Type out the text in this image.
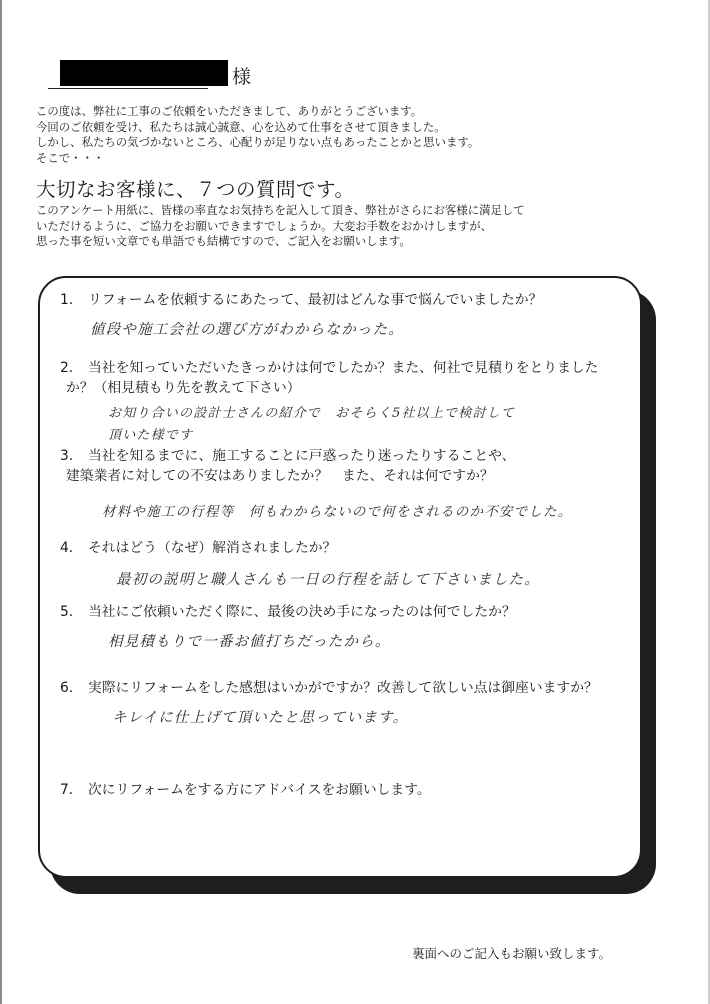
様
この度は、弊社に工事のご依頼をいただきまして、ありがとうございます。
今回のご依頼を受け、私たちは誠心誠意、心を込めて仕事をさせて頂きました。
しかし、私たちの気づかないところ、心配りが足りない点もあったことかと思います。
そこで・・・
大切なお客様に、７つの質問です。
このアンケート用紙に、皆様の率直なお気持ちを記入して頂き、弊社がさらにお客様に満足して
いただけるように、ご協力をお願いできますでしょうか。大変お手数をおかけしますが、
思った事を短い文章でも単語でも結構ですので、ご記入をお願いします。
1. リフォームを依頼するにあたって、最初はどんな事で悩んでいましたか？
値段や施工会社の選び方がわからなかった。
2. 当社を知っていただいたきっかけは何でしたか？また、何社で見積りをとりました
か？（相見積もり先を教えて下さい）
お知り合いの設計士さんの紹介で　おそらく5社以上で検討して
頂いた様です
3. 当社を知るまでに、施工することに戸惑ったり迷ったりすることや、
建築業者に対しての不安はありましたか？　また、それは何ですか？
材料や施工の行程等　何もわからないので何をされるのか不安でした。
4. それはどう（なぜ）解消されましたか？
最初の説明と職人さんも一日の行程を話して下さいました。
5. 当社にご依頼いただく際に、最後の決め手になったのは何でしたか？
相見積もりで一番お値打ちだったから。
6. 実際にリフォームをした感想はいかがですか？改善して欲しい点は御座いますか？
キレイに仕上げて頂いたと思っています。
7. 次にリフォームをする方にアドバイスをお願いします。
裏面へのご記入もお願い致します。
